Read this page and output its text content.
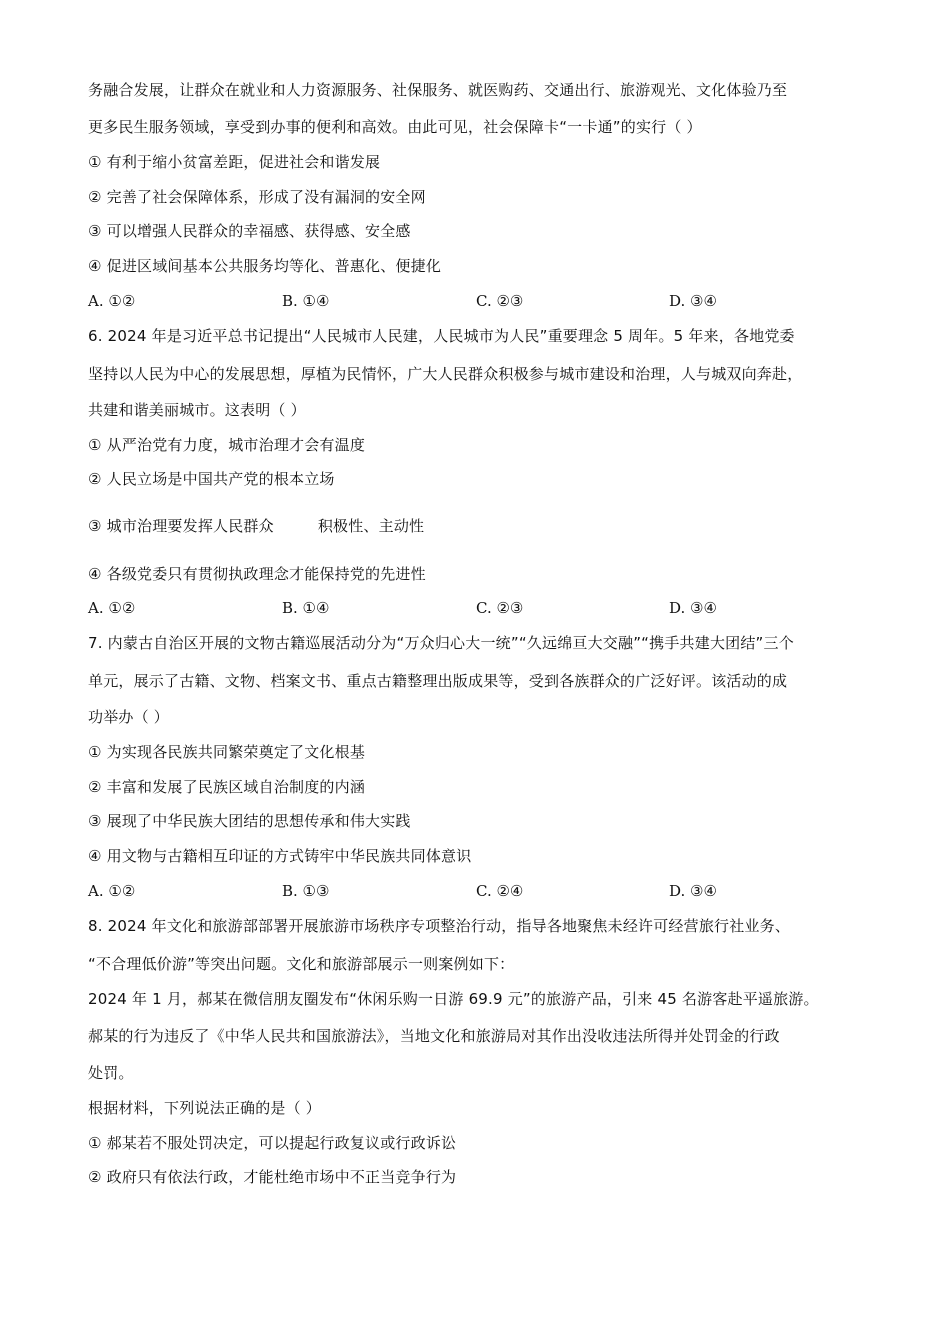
务融合发展，让群众在就业和人力资源服务、社保服务、就医购药、交通出行、旅游观光、文化体验乃至
更多民生服务领域，享受到办事的便利和高效。由此可见，社会保障卡“一卡通”的实行（ ）
① 有利于缩小贫富差距，促进社会和谐发展
② 完善了社会保障体系，形成了没有漏洞的安全网
③ 可以增强人民群众的幸福感、获得感、安全感
④ 促进区域间基本公共服务均等化、普惠化、便捷化
A. ①②	B. ①④	C. ②③	D. ③④
6. 2024 年是习近平总书记提出“人民城市人民建，人民城市为人民”重要理念 5 周年。5 年来，各地党委
坚持以人民为中心的发展思想，厚植为民情怀，广大人民群众积极参与城市建设和治理，人与城双向奔赴，
共建和谐美丽城市。这表明（ ）
① 从严治党有力度，城市治理才会有温度
② 人民立场是中国共产党的根本立场
③ 城市治理要发挥人民群众	积极性、主动性
④ 各级党委只有贯彻执政理念才能保持党的先进性
A. ①②	B. ①④	C. ②③	D. ③④
7. 内蒙古自治区开展的文物古籍巡展活动分为“万众归心大一统”“久远绵亘大交融”“携手共建大团结”三个
单元，展示了古籍、文物、档案文书、重点古籍整理出版成果等，受到各族群众的广泛好评。该活动的成
功举办（ ）
① 为实现各民族共同繁荣奠定了文化根基
② 丰富和发展了民族区域自治制度的内涵
③ 展现了中华民族大团结的思想传承和伟大实践
④ 用文物与古籍相互印证的方式铸牢中华民族共同体意识
A. ①②	B. ①③	C. ②④	D. ③④
8. 2024 年文化和旅游部部署开展旅游市场秩序专项整治行动，指导各地聚焦未经许可经营旅行社业务、
“不合理低价游”等突出问题。文化和旅游部展示一则案例如下：
2024 年 1 月，郝某在微信朋友圈发布“休闲乐购一日游 69.9 元”的旅游产品，引来 45 名游客赴平遥旅游。
郝某的行为违反了《中华人民共和国旅游法》，当地文化和旅游局对其作出没收违法所得并处罚金的行政
处罚。
根据材料，下列说法正确的是（ ）
① 郝某若不服处罚决定，可以提起行政复议或行政诉讼
② 政府只有依法行政，才能杜绝市场中不正当竞争行为
